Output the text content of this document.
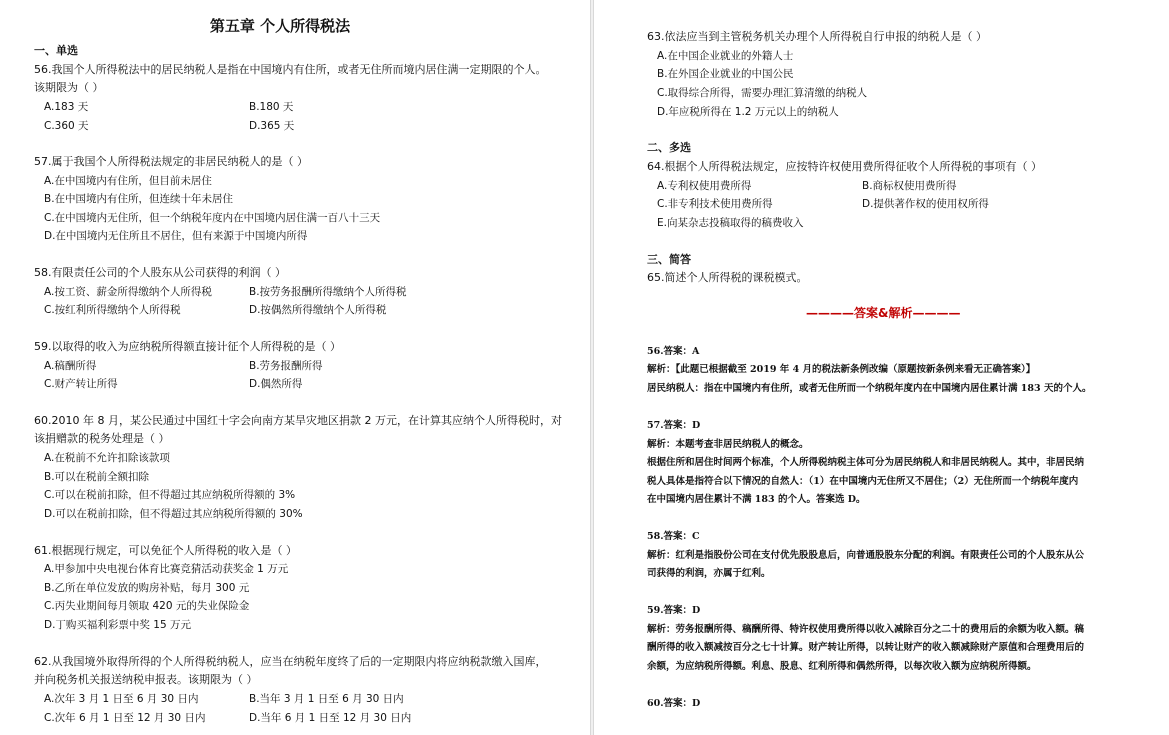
第五章 个人所得税法
一、单选
56.我国个人所得税法中的居民纳税人是指在中国境内有住所，或者无住所而境内居住满一定期限的个人。
该期限为（ ）
A.183 天	B.180 天
C.360 天	D.365 天
57.属于我国个人所得税法规定的非居民纳税人的是（ ）
A.在中国境内有住所，但目前未居住
B.在中国境内有住所，但连续十年未居住
C.在中国境内无住所，但一个纳税年度内在中国境内居住满一百八十三天
D.在中国境内无住所且不居住，但有来源于中国境内所得
58.有限责任公司的个人股东从公司获得的利润（ ）
A.按工资、薪金所得缴纳个人所得税	B.按劳务报酬所得缴纳个人所得税
C.按红利所得缴纳个人所得税	D.按偶然所得缴纳个人所得税
59.以取得的收入为应纳税所得额直接计征个人所得税的是（ ）
A.稿酬所得	B.劳务报酬所得
C.财产转让所得	D.偶然所得
60.2010 年 8 月，某公民通过中国红十字会向南方某旱灾地区捐款 2 万元，在计算其应纳个人所得税时，对
该捐赠款的税务处理是（ ）
A.在税前不允许扣除该款项
B.可以在税前全额扣除
C.可以在税前扣除，但不得超过其应纳税所得额的 3%
D.可以在税前扣除，但不得超过其应纳税所得额的 30%
61.根据现行规定，可以免征个人所得税的收入是（ ）
A.甲参加中央电视台体育比赛竞猜活动获奖金 1 万元
B.乙所在单位发放的购房补贴，每月 300 元
C.丙失业期间每月领取 420 元的失业保险金
D.丁购买福利彩票中奖 15 万元
62.从我国境外取得所得的个人所得税纳税人，应当在纳税年度终了后的一定期限内将应纳税款缴入国库，
并向税务机关报送纳税申报表。该期限为（ ）
A.次年 3 月 1 日至 6 月 30 日内	B.当年 3 月 1 日至 6 月 30 日内
C.次年 6 月 1 日至 12 月 30 日内	D.当年 6 月 1 日至 12 月 30 日内
63.依法应当到主管税务机关办理个人所得税自行申报的纳税人是（ ）
A.在中国企业就业的外籍人士
B.在外国企业就业的中国公民
C.取得综合所得，需要办理汇算清缴的纳税人
D.年应税所得在 1.2 万元以上的纳税人
二、多选
64.根据个人所得税法规定，应按特许权使用费所得征收个人所得税的事项有（ ）
A.专利权使用费所得	B.商标权使用费所得
C.非专利技术使用费所得	D.提供著作权的使用权所得
E.向某杂志投稿取得的稿费收入
三、简答
65.简述个人所得税的课税模式。
————答案&解析————
56.答案：A
解析：【此题已根据截至 2019 年 4 月的税法新条例改编（原题按新条例来看无正确答案）】
居民纳税人：指在中国境内有住所，或者无住所而一个纳税年度内在中国境内居住累计满 183 天的个人。
57.答案：D
解析：本题考查非居民纳税人的概念。
根据住所和居住时间两个标准，个人所得税纳税主体可分为居民纳税人和非居民纳税人。其中，非居民纳
税人具体是指符合以下情况的自然人：（1）在中国境内无住所又不居住；（2）无住所而一个纳税年度内
在中国境内居住累计不满 183 的个人。答案选 D。
58.答案：C
解析：红利是指股份公司在支付优先股股息后，向普通股股东分配的利润。有限责任公司的个人股东从公
司获得的利润，亦属于红利。
59.答案：D
解析：劳务报酬所得、稿酬所得、特许权使用费所得以收入减除百分之二十的费用后的余额为收入额。稿
酬所得的收入额减按百分之七十计算。财产转让所得，以转让财产的收入额减除财产原值和合理费用后的
余额，为应纳税所得额。利息、股息、红利所得和偶然所得，以每次收入额为应纳税所得额。
60.答案：D
